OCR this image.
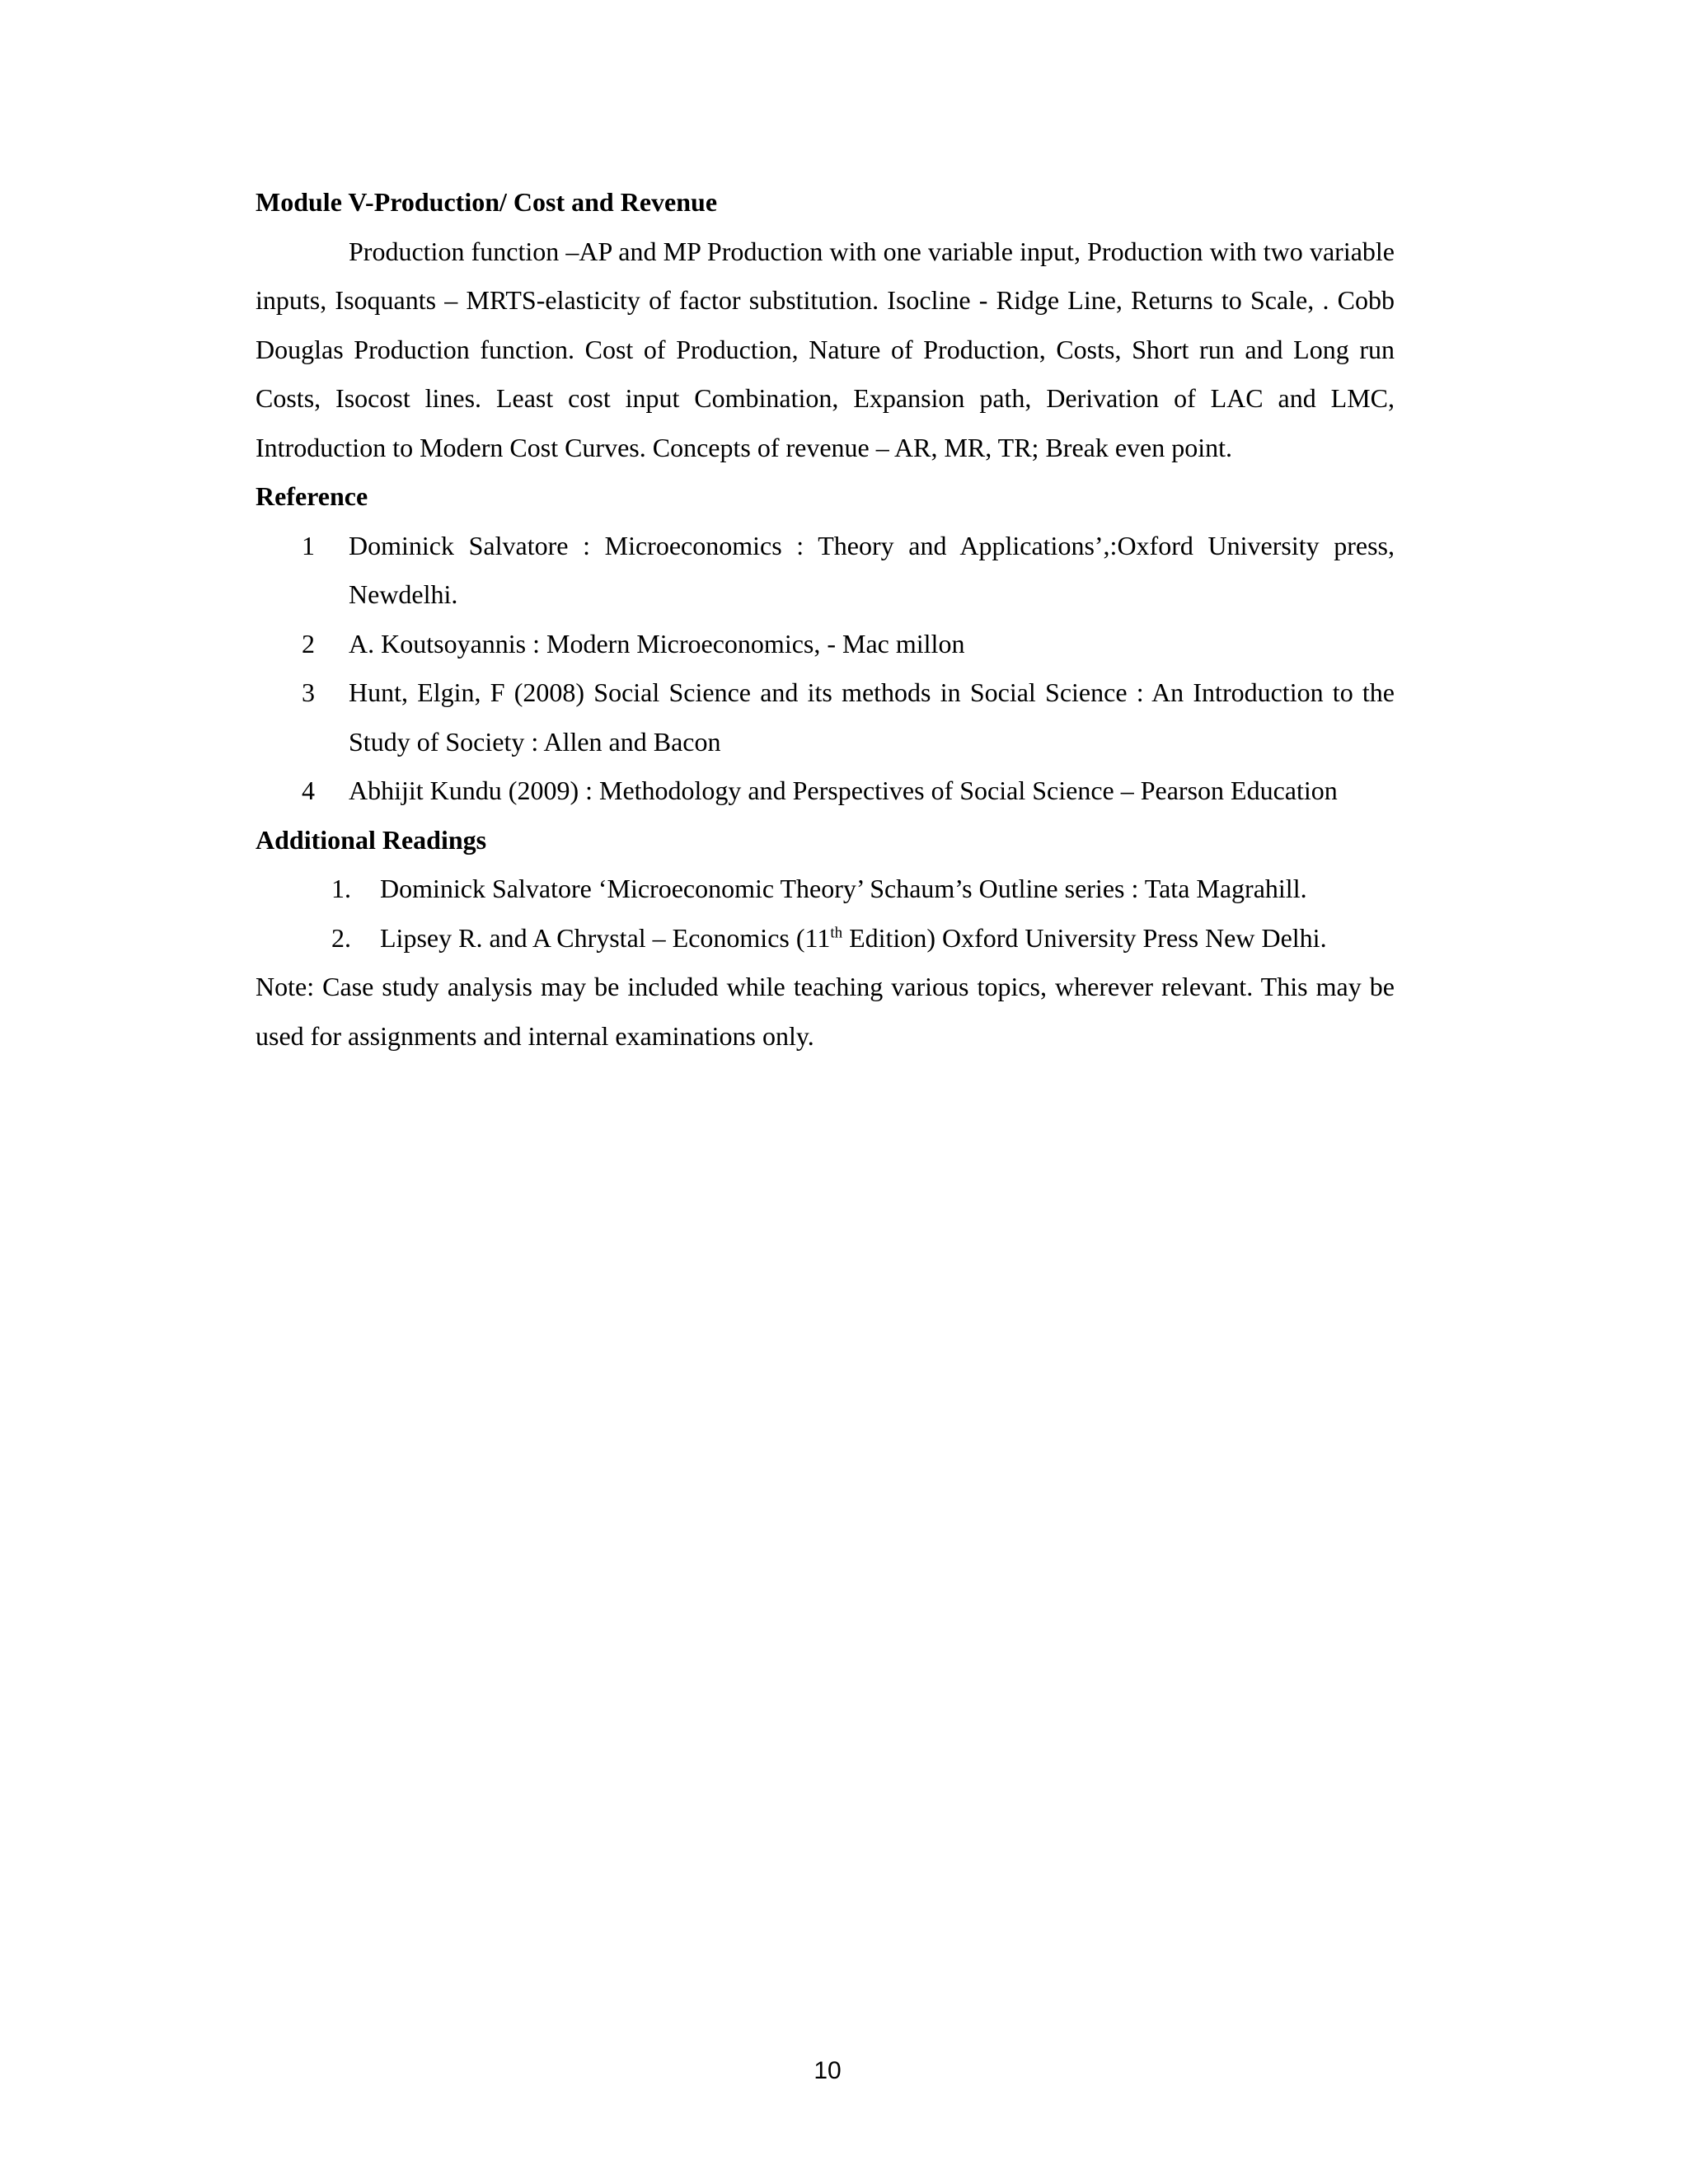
Module V-Production/ Cost and Revenue

Production function –AP and MP Production with one variable input, Production with two variable inputs, Isoquants – MRTS-elasticity of factor substitution. Isocline - Ridge Line, Returns to Scale, . Cobb Douglas Production function. Cost of Production, Nature of Production, Costs, Short run and Long run Costs, Isocost lines. Least cost input Combination, Expansion path, Derivation of LAC and LMC, Introduction to Modern Cost Curves. Concepts of revenue – AR, MR, TR; Break even point.

Reference

1 Dominick Salvatore : Microeconomics : Theory and Applications’,:Oxford University press, Newdelhi.
2 A. Koutsoyannis : Modern Microeconomics, - Mac millon
3 Hunt, Elgin, F (2008) Social Science and its methods in Social Science : An Introduction to the Study of Society : Allen and Bacon
4 Abhijit Kundu (2009) : Methodology and Perspectives of Social Science – Pearson Education

Additional Readings

1. Dominick Salvatore ‘Microeconomic Theory’ Schaum’s Outline series : Tata Magrahill.
2. Lipsey R. and A Chrystal – Economics (11th Edition) Oxford University Press New Delhi.

Note: Case study analysis may be included while teaching various topics, wherever relevant. This may be used for assignments and internal examinations only.

10
